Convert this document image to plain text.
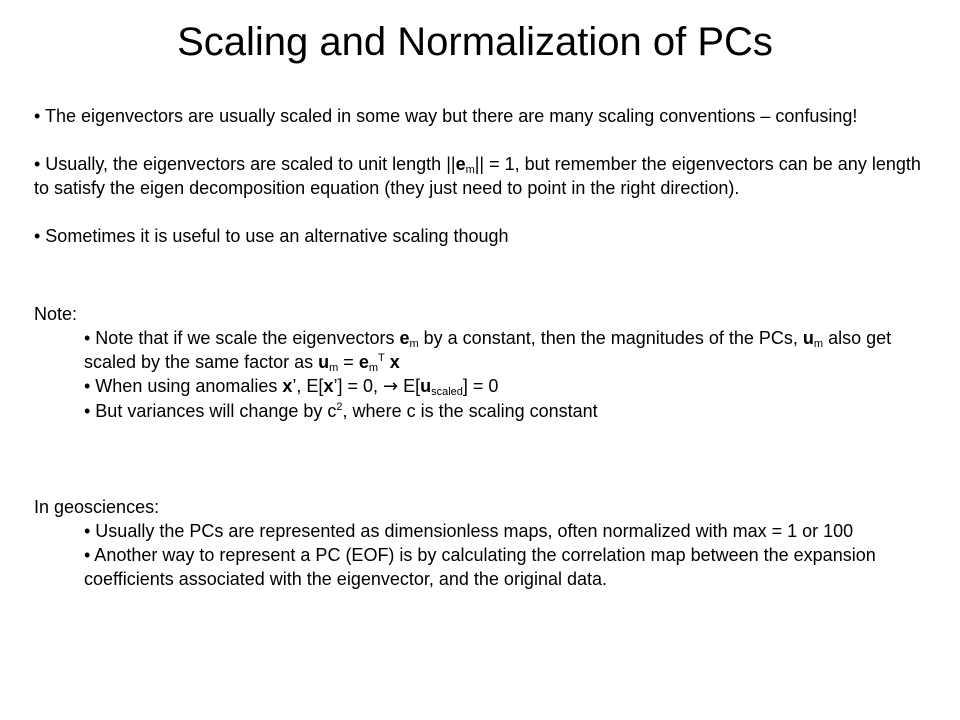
Scaling and Normalization of PCs

• The eigenvectors are usually scaled in some way but there are many scaling conventions – confusing!

• Usually, the eigenvectors are scaled to unit length $||e_m|| = 1$, but remember the eigenvectors can be any length to satisfy the eigen decomposition equation (they just need to point in the right direction).

• Sometimes it is useful to use an alternative scaling though

Note:

• Note that if we scale the eigenvectors $e_m$ by a constant, then the magnitudes of the PCs, $u_m$ also get scaled by the same factor as $u_m = e_m^T$ x

• When using anomalies x’, E[x’] = 0, → $E[u_{scaled}] = 0$

• But variances will change by $c^2$, where c is the scaling constant

In geosciences:

• Usually the PCs are represented as dimensionless maps, often normalized with max = 1 or 100

• Another way to represent a PC (EOF) is by calculating the correlation map between the expansion coefficients associated with the eigenvector, and the original data.
